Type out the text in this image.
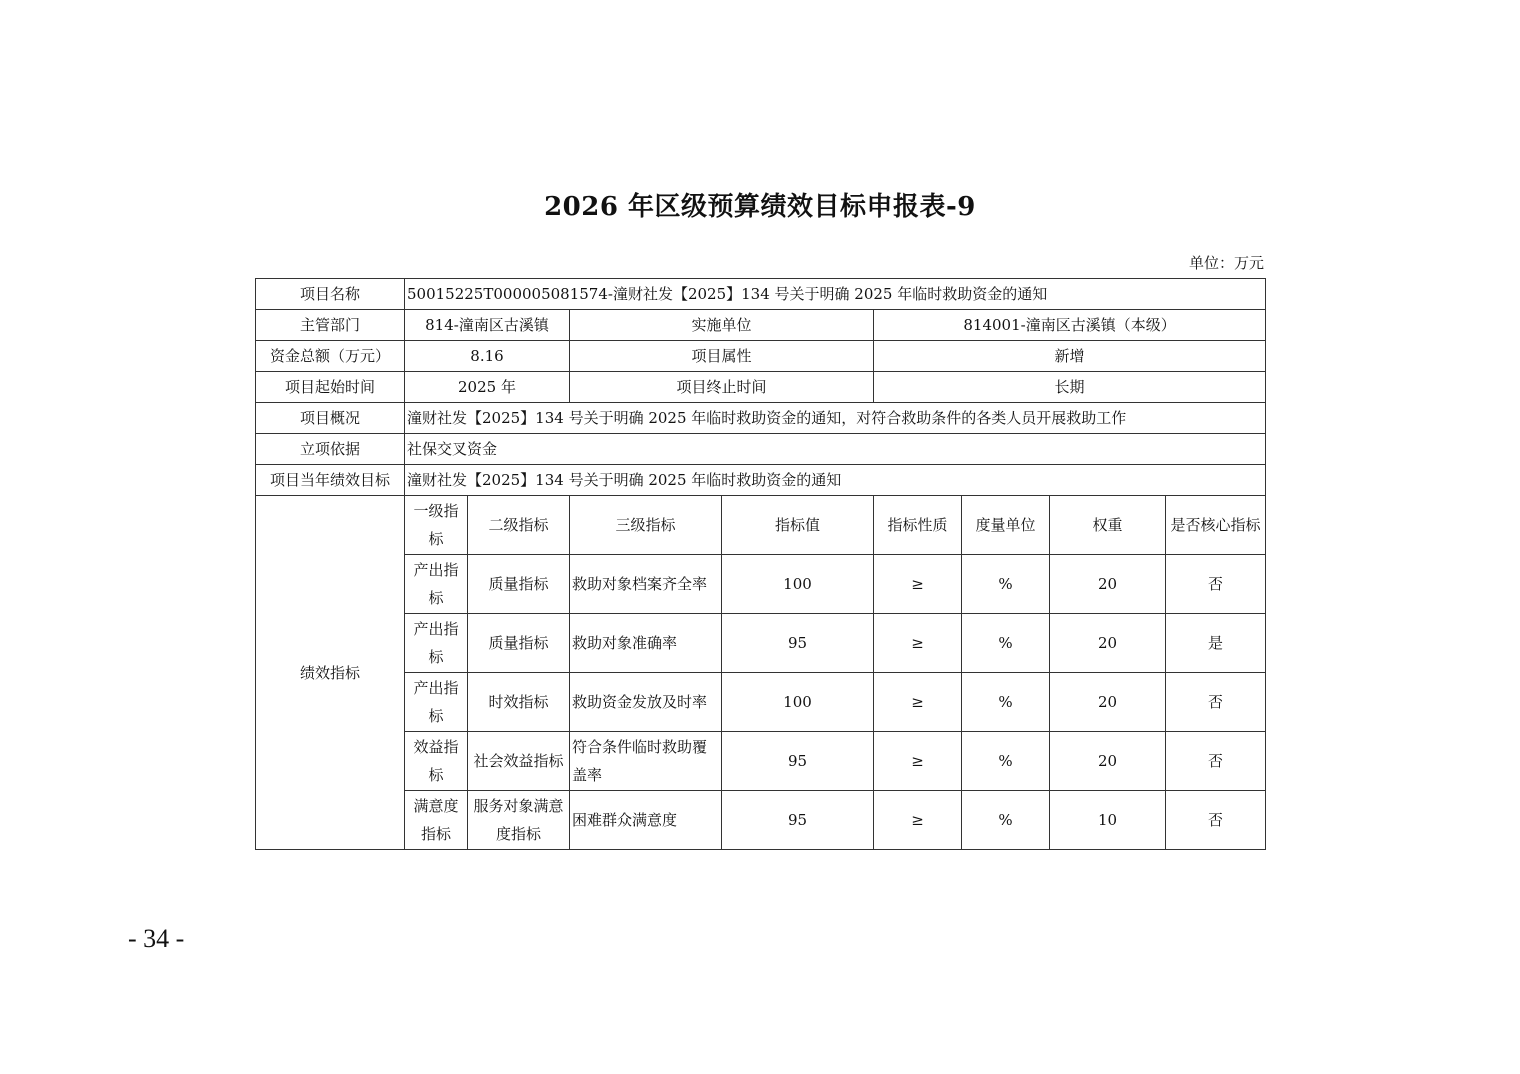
2026 年区级预算绩效目标申报表-9
单位：万元
项目名称	50015225T000005081574-潼财社发【2025】134 号关于明确 2025 年临时救助资金的通知							
主管部门	814-潼南区古溪镇		实施单位		814001-潼南区古溪镇（本级）			
资金总额（万元）	8.16		项目属性		新增			
项目起始时间	2025 年		项目终止时间		长期			
项目概况	潼财社发【2025】134 号关于明确 2025 年临时救助资金的通知，对符合救助条件的各类人员开展救助工作							
立项依据	社保交叉资金							
项目当年绩效目标	潼财社发【2025】134 号关于明确 2025 年临时救助资金的通知							
绩效指标	一级指标	二级指标	三级指标	指标值	指标性质	度量单位	权重	是否核心指标
	产出指标	质量指标	救助对象档案齐全率	100	≥	%	20	否
	产出指标	质量指标	救助对象准确率	95	≥	%	20	是
	产出指标	时效指标	救助资金发放及时率	100	≥	%	20	否
	效益指标	社会效益指标	符合条件临时救助覆盖率	95	≥	%	20	否
	满意度指标	服务对象满意度指标	困难群众满意度	95	≥	%	10	否
- 34 -
